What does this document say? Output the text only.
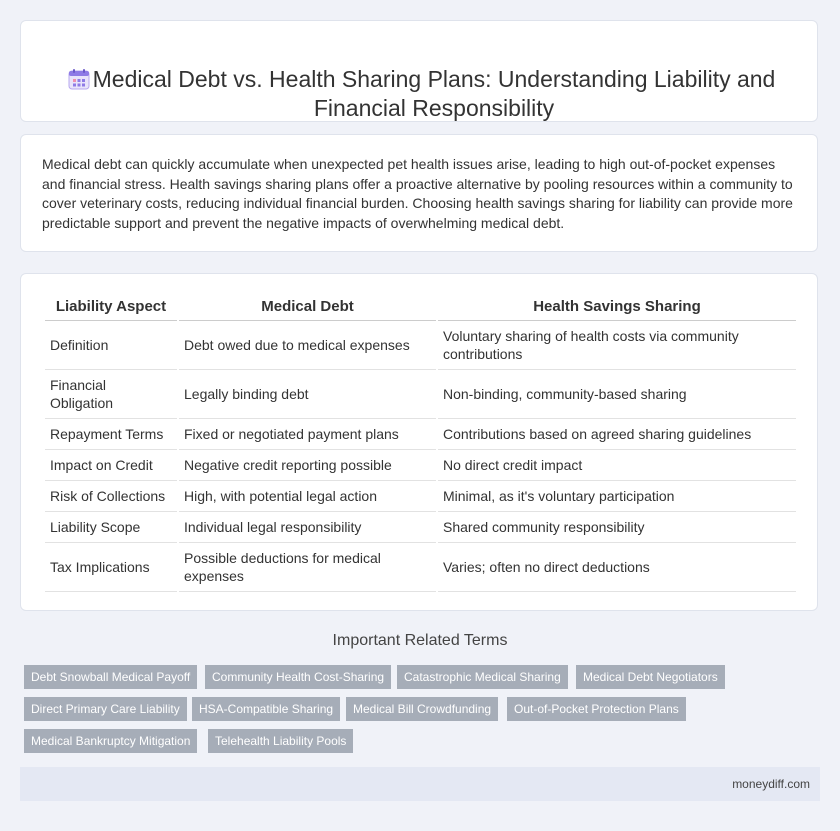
Medical Debt vs. Health Sharing Plans: Understanding Liability and Financial Responsibility

Medical debt can quickly accumulate when unexpected pet health issues arise, leading to high out-of-pocket expenses and financial stress. Health savings sharing plans offer a proactive alternative by pooling resources within a community to cover veterinary costs, reducing individual financial burden. Choosing health savings sharing for liability can provide more predictable support and prevent the negative impacts of overwhelming medical debt.

Liability Aspect	Medical Debt	Health Savings Sharing
Definition	Debt owed due to medical expenses	Voluntary sharing of health costs via community contributions
Financial Obligation	Legally binding debt	Non-binding, community-based sharing
Repayment Terms	Fixed or negotiated payment plans	Contributions based on agreed sharing guidelines
Impact on Credit	Negative credit reporting possible	No direct credit impact
Risk of Collections	High, with potential legal action	Minimal, as it's voluntary participation
Liability Scope	Individual legal responsibility	Shared community responsibility
Tax Implications	Possible deductions for medical expenses	Varies; often no direct deductions
Important Related Terms
Debt Snowball Medical Payoff	Community Health Cost-Sharing	Catastrophic Medical Sharing	Medical Debt Negotiators
Direct Primary Care Liability	HSA-Compatible Sharing	Medical Bill Crowdfunding	Out-of-Pocket Protection Plans
Medical Bankruptcy Mitigation	Telehealth Liability Pools
moneydiff.com
